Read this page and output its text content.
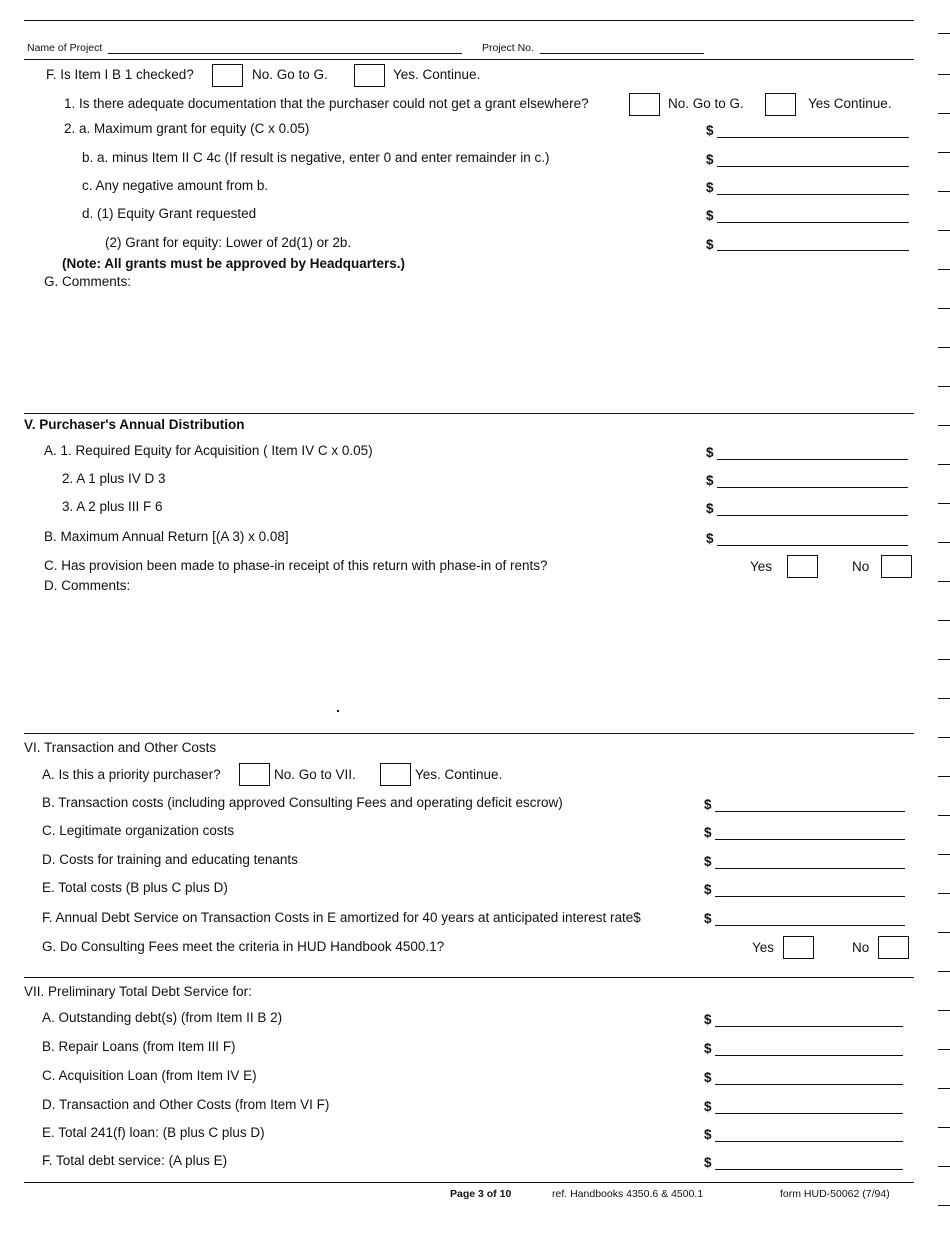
Name of Project	Project No.
F. Is Item I B 1 checked?	No. Go to G.	Yes. Continue.
1. Is there adequate documentation that the purchaser could not get a grant elsewhere?	No. Go to G.	Yes Continue.
2. a. Maximum grant for equity (C x 0.05)	$
b. a. minus Item II C 4c (If result is negative, enter 0 and enter remainder in c.)	$
c. Any negative amount from b.	$
d. (1) Equity Grant requested	$
(2) Grant for equity: Lower of 2d(1) or 2b.	$
(Note: All grants must be approved by Headquarters.)
G. Comments:
V. Purchaser's Annual Distribution
A. 1. Required Equity for Acquisition ( Item IV C x 0.05)	$
2. A 1 plus IV D 3	$
3. A 2 plus III F 6	$
B. Maximum Annual Return [(A 3) x 0.08]	$
C. Has provision been made to phase-in receipt of this return with phase-in of rents?	Yes	No
D. Comments:
VI. Transaction and Other Costs
A. Is this a priority purchaser?	No. Go to VII.	Yes. Continue.
B. Transaction costs (including approved Consulting Fees and operating deficit escrow)	$
C. Legitimate organization costs	$
D. Costs for training and educating tenants	$
E. Total costs (B plus C plus D)	$
F. Annual Debt Service on Transaction Costs in E amortized for 40 years at anticipated interest rate$	$
G. Do Consulting Fees meet the criteria in HUD Handbook 4500.1?	Yes	No
VII. Preliminary Total Debt Service for:
A. Outstanding debt(s) (from Item II B 2)	$
B. Repair Loans (from Item III F)	$
C. Acquisition Loan (from Item IV E)	$
D. Transaction and Other Costs (from Item VI F)	$
E. Total 241(f) loan: (B plus C plus D)	$
F. Total debt service: (A plus E)	$
Page 3 of 10	ref. Handbooks 4350.6 & 4500.1	form HUD-50062 (7/94)
